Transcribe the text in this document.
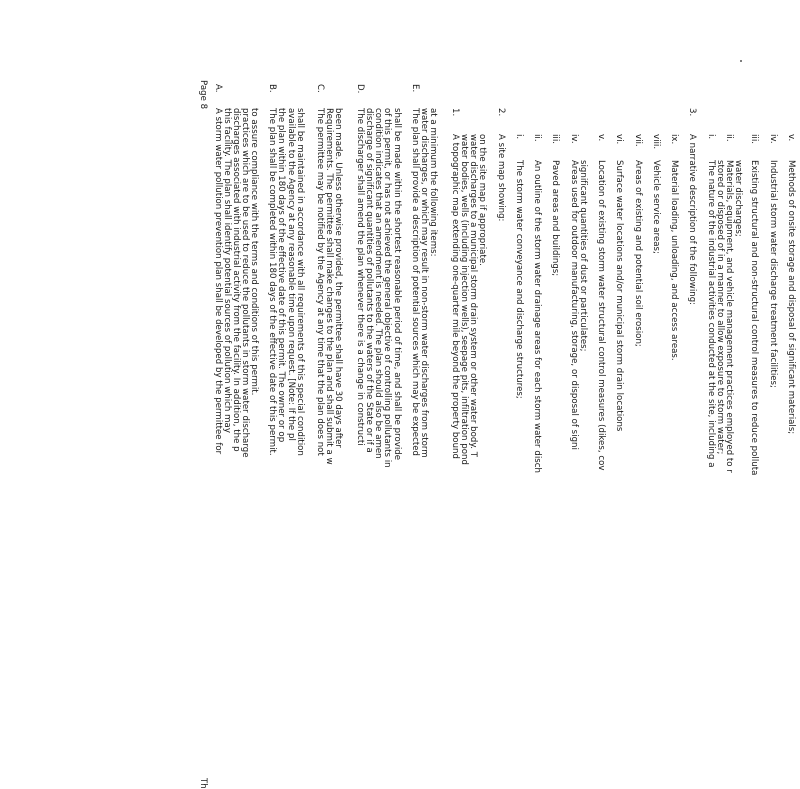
Page 8
Th
A.
A storm water pollution prevention plan shall be developed by the permittee for this facility. The plan shall identify potential sources of pollution which may discharges associated with industrial activity from the facility. In addition, the p practices which are to be used to reduce the pollutants in storm water discharge to assure compliance with the terms and conditions of this permit.
B.
The plan shall be completed within 180 days of the effective date of this permit. the plan within 180 days of the effective date of this permit. The owner or op available to the Agency at any reasonable time upon request. [Note: If the pl shall be maintained in accordance with all requirements of this special condition
C.
The permittee may be notified by the Agency at any time that the plan does not Requirements. The permittee shall make changes to the plan and shall submit a w been made. Unless otherwise provided, the permittee shall have 30 days after
D.
The discharger shall amend the plan whenever there is a change in constructi discharge of significant quantities of pollutants to the waters of the State or if a condition indicates that an amendment is needed. The plan should also be amen of this permit, or has not achieved the general objective of controlling pollutants in shall be made within the shortest reasonable period of time, and shall be provide
E.
The plan shall provide a description of potential sources which may be expected water discharges, or which may result in non-storm water discharges from storm at a minimum the following items: 1.
A topographic map extending one-quarter mile beyond the property bound water bodies, wells (including injection wells), seepage pits, infiltration pond water discharges to a municipal storm drain system or other water body. T on the site map if appropriate.
2.
A site map showing: i.
The storm water conveyance and discharge structures;
ii.
An outline of the storm water drainage areas for each storm water disch
iii.
Paved areas and buildings;
iv.
Areas used for outdoor manufacturing, storage, or disposal of signi significant quantities of dust or particulates;
v.
Location of existing storm water structural control measures (dikes, cov
vi.
Surface water locations and/or municipal storm drain locations
vii.
Areas of existing and potential soil erosion;
viii.
Vehicle service areas;
ix.
Material loading, unloading, and access areas.
3.
A narrative description of the following: i.
The nature of the industrial activities conducted at the site, including a stored or disposed of in a manner to allow exposure to storm water;
ii.
Materials, equipment, and vehicle management practices employed to r water discharges;
iii.
Existing structural and non-structural control measures to reduce polluta
iv.
Industrial storm water discharge treatment facilities;
v.
Methods of onsite storage and disposal of significant materials;
